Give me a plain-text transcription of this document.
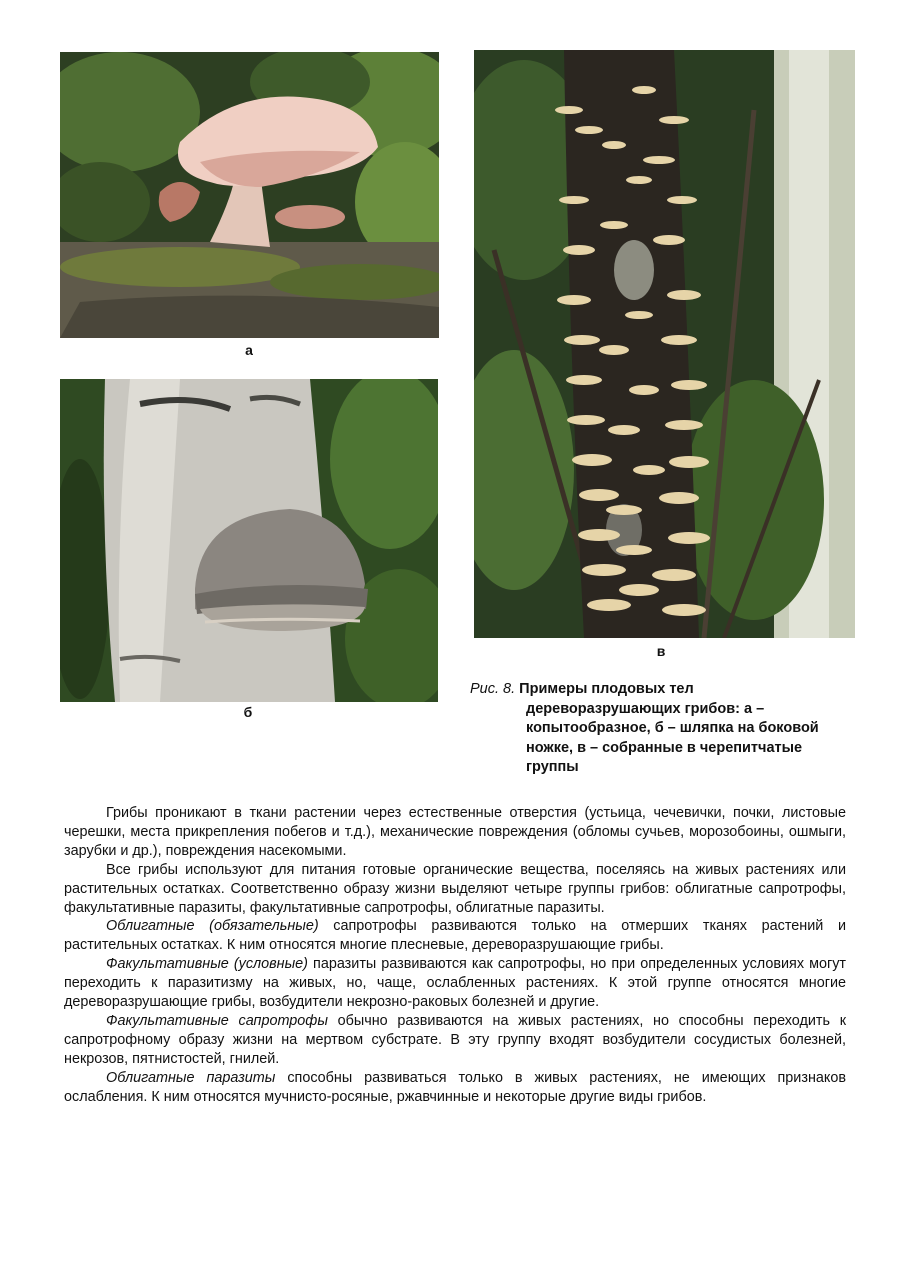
а
б
в
Рис. 8. Примеры плодовых тел
дереворазрушающих грибов: а – копытообразное, б – шляпка на боковой ножке, в – собранные в черепитчатые группы

Грибы проникают в ткани растении через естественные отверстия (устьица, чечевички, почки, листовые черешки, места прикрепления побегов и т.д.), механические повреждения (обломы сучьев, морозобоины, ошмыги, зарубки и др.), повреждения насекомыми.

Все грибы используют для питания готовые органические вещества, поселяясь на живых растениях или растительных остатках. Соответственно образу жизни выделяют четыре группы грибов: облигатные сапротрофы, факультативные паразиты, факультативные сапротрофы, облигатные паразиты.

Облигатные (обязательные) сапротрофы развиваются только на отмерших тканях растений и растительных остатках. К ним относятся многие плесневые, дереворазрушающие грибы.

Факультативные (условные) паразиты развиваются как сапротрофы, но при определенных условиях могут переходить к паразитизму на живых, но, чаще, ослабленных растениях. К этой группе относятся многие дереворазрушающие грибы, возбудители некрозно-раковых болезней и другие.

Факультативные сапротрофы обычно развиваются на живых растениях, но способны переходить к сапротрофному образу жизни на мертвом субстрате. В эту группу входят возбудители сосудистых болезней, некрозов, пятнистостей, гнилей.

Облигатные паразиты способны развиваться только в живых растениях, не имеющих признаков ослабления. К ним относятся мучнисто-росяные, ржавчинные и некоторые другие виды грибов.
